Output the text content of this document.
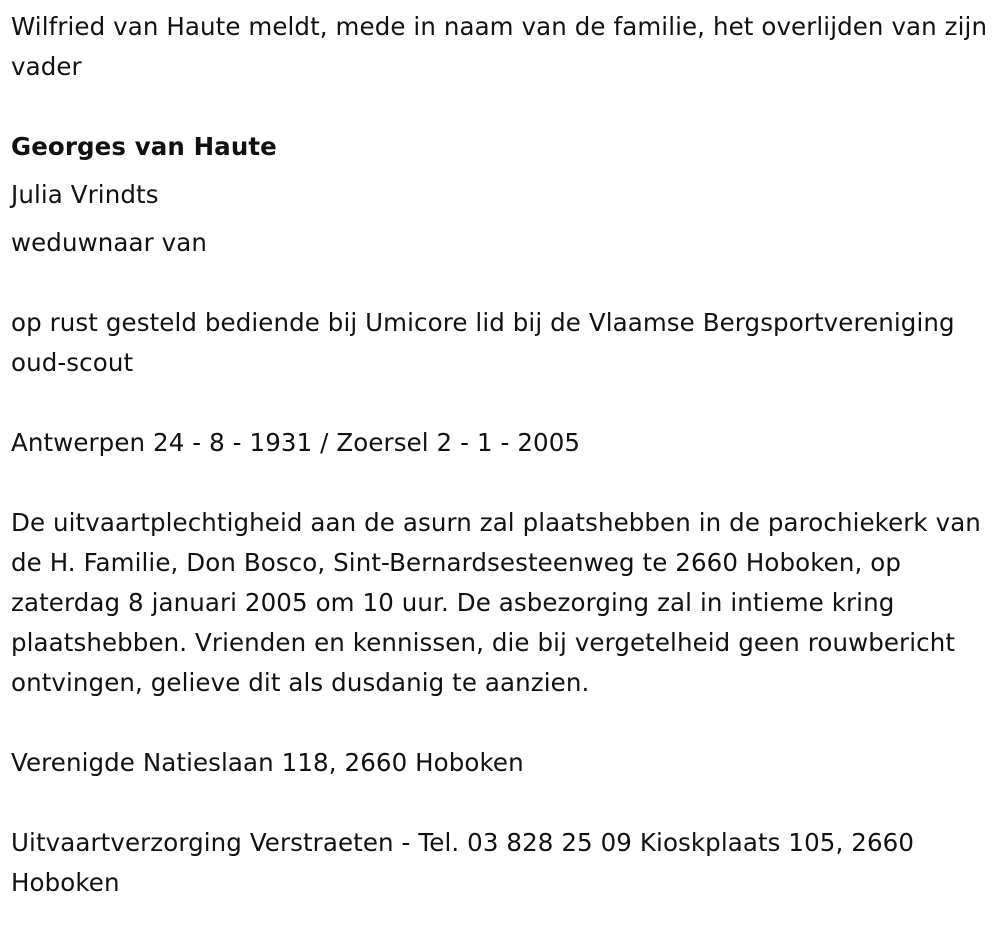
Wilfried van Haute meldt, mede in naam van de familie, het overlijden van zijn vader

Georges van Haute

Julia Vrindts

weduwnaar van

op rust gesteld bediende bij Umicore lid bij de Vlaamse Bergsportvereniging oud-scout

Antwerpen 24 - 8 - 1931 / Zoersel 2 - 1 - 2005

De uitvaartplechtigheid aan de asurn zal plaatshebben in de parochiekerk van de H. Familie, Don Bosco, Sint-Bernardsesteenweg te 2660 Hoboken, op zaterdag 8 januari 2005 om 10 uur. De asbezorging zal in intieme kring plaatshebben. Vrienden en kennissen, die bij vergetelheid geen rouwbericht ontvingen, gelieve dit als dusdanig te aanzien.

Verenigde Natieslaan 118, 2660 Hoboken

Uitvaartverzorging Verstraeten - Tel. 03 828 25 09 Kioskplaats 105, 2660 Hoboken
